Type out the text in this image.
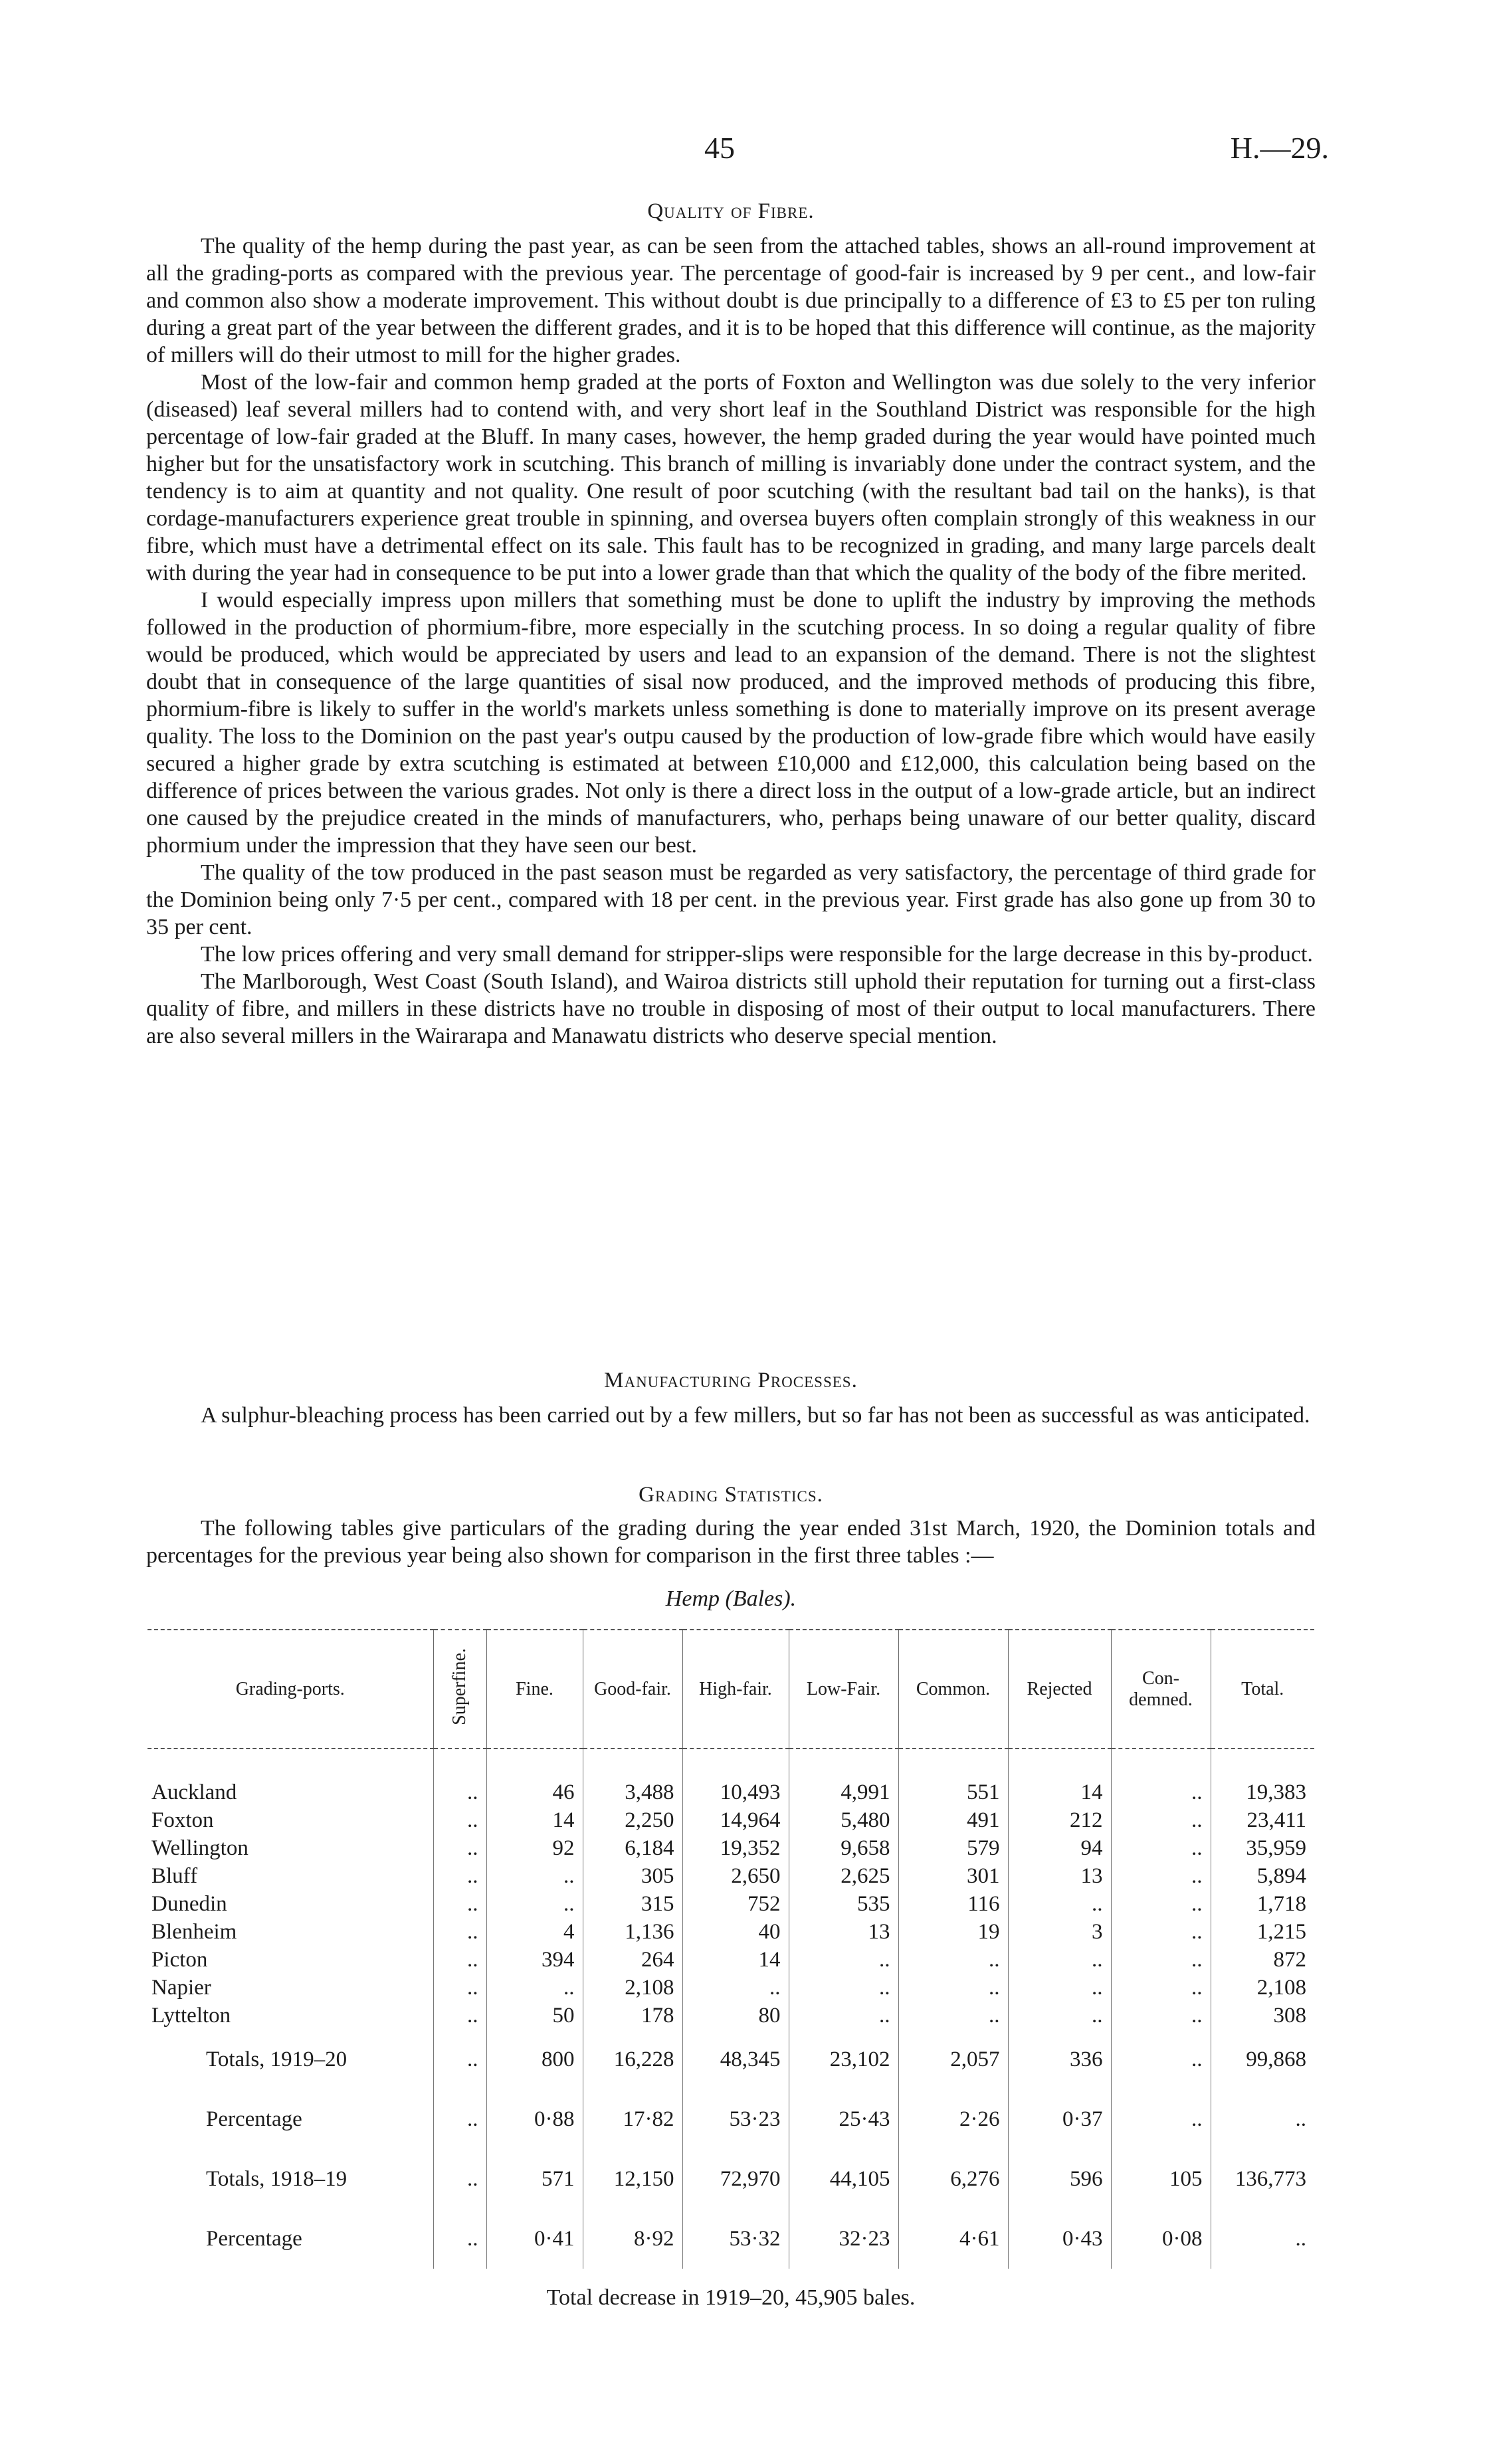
45	H.—29.
Quality of Fibre.

The quality of the hemp during the past year, as can be seen from the attached tables, shows an all-round improvement at all the grading-ports as compared with the previous year. The percentage of good-fair is increased by 9 per cent., and low-fair and common also show a moderate improvement. This without doubt is due principally to a difference of £3 to £5 per ton ruling during a great part of the year between the different grades, and it is to be hoped that this difference will continue, as the majority of millers will do their utmost to mill for the higher grades.

Most of the low-fair and common hemp graded at the ports of Foxton and Wellington was due solely to the very inferior (diseased) leaf several millers had to contend with, and very short leaf in the Southland District was responsible for the high percentage of low-fair graded at the Bluff. In many cases, however, the hemp graded during the year would have pointed much higher but for the unsatisfactory work in scutching. This branch of milling is invariably done under the contract system, and the tendency is to aim at quantity and not quality. One result of poor scutching (with the resultant bad tail on the hanks), is that cordage-manufacturers experience great trouble in spinning, and oversea buyers often complain strongly of this weakness in our fibre, which must have a detrimental effect on its sale. This fault has to be recognized in grading, and many large parcels dealt with during the year had in consequence to be put into a lower grade than that which the quality of the body of the fibre merited.

I would especially impress upon millers that something must be done to uplift the industry by improving the methods followed in the production of phormium-fibre, more especially in the scutching process. In so doing a regular quality of fibre would be produced, which would be appreciated by users and lead to an expansion of the demand. There is not the slightest doubt that in consequence of the large quantities of sisal now produced, and the improved methods of producing this fibre, phormium-fibre is likely to suffer in the world's markets unless something is done to materially improve on its present average quality. The loss to the Dominion on the past year's outpu caused by the production of low-grade fibre which would have easily secured a higher grade by extra scutching is estimated at between £10,000 and £12,000, this calculation being based on the difference of prices between the various grades. Not only is there a direct loss in the output of a low-grade article, but an indirect one caused by the prejudice created in the minds of manufacturers, who, perhaps being unaware of our better quality, discard phormium under the impression that they have seen our best.

The quality of the tow produced in the past season must be regarded as very satisfactory, the percentage of third grade for the Dominion being only 7·5 per cent., compared with 18 per cent. in the previous year. First grade has also gone up from 30 to 35 per cent.

The low prices offering and very small demand for stripper-slips were responsible for the large decrease in this by-product.

The Marlborough, West Coast (South Island), and Wairoa districts still uphold their reputation for turning out a first-class quality of fibre, and millers in these districts have no trouble in disposing of most of their output to local manufacturers. There are also several millers in the Wairarapa and Manawatu districts who deserve special mention.

Manufacturing Processes.

A sulphur-bleaching process has been carried out by a few millers, but so far has not been as successful as was anticipated.

Grading Statistics.

The following tables give particulars of the grading during the year ended 31st March, 1920, the Dominion totals and percentages for the previous year being also shown for comparison in the first three tables :—

Hemp (Bales).
Grading-ports.	Superfine.	Fine.	Good-fair.	High-fair.	Low-Fair.	Common.	Rejected	Con-demned.	Total.

Auckland	..	46	3,488	10,493	4,991	551	14	..	19,383
Foxton	..	14	2,250	14,964	5,480	491	212	..	23,411
Wellington	..	92	6,184	19,352	9,658	579	94	..	35,959
Bluff	..	..	305	2,650	2,625	301	13	..	5,894
Dunedin	..	..	315	752	535	116	..	..	1,718
Blenheim	..	4	1,136	40	13	19	3	..	1,215
Picton	..	394	264	14	..	..	..	..	872
Napier	..	..	2,108	..	..	..	..	..	2,108
Lyttelton	..	50	178	80	..	..	..	..	308
Totals, 1919–20	..	800	16,228	48,345	23,102	2,057	336	..	99,868
Percentage	..	0·88	17·82	53·23	25·43	2·26	0·37	..	..
Totals, 1918–19	..	571	12,150	72,970	44,105	6,276	596	105	136,773
Percentage	..	0·41	8·92	53·32	32·23	4·61	0·43	0·08	..
Total decrease in 1919–20, 45,905 bales.
